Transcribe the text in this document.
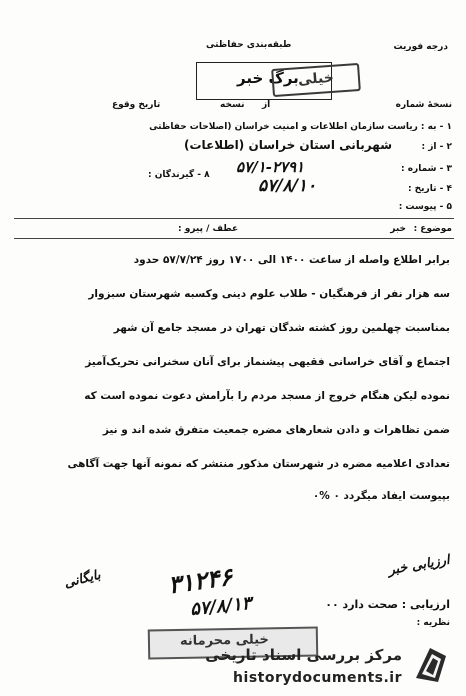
درجه فوریت
طبقه‌بندی حفاظتی
برگ خبر
خیلی
نسخهٔ شماره
از
نسخه
تاریخ وقوع
۱ - به : ریاست سازمان اطلاعات و امنیت خراسان (اصلاحات حفاظتی
۲ - از :
شهربانی استان خراسان (اطلاعات)
۳ - شماره :
۵۷/۱-۲۷۹۱
۸ - گیرندگان :
۴ - تاریخ :
۵۷/۸/۱۰
۵ - پیوست :
موضوع :
خبر
عطف / پیرو :
برابر اطلاع واصله از ساعت ۱۴۰۰ الی ۱۷۰۰ روز ۵۷/۷/۲۴ حدود
سه هزار نفر از فرهنگیان - طلاب علوم دینی وکسبه شهرستان سبزوار
بمناسبت چهلمین روز کشته شدگان تهران در مسجد جامع آن شهر
اجتماع و آقای خراسانی فقیهی پیشنماز برای آنان سخنرانی تحریک‌آمیز
نموده لیکن هنگام خروج از مسجد مردم را بآرامش دعوت نموده است که
ضمن تظاهرات و دادن شعارهای مضره جمعیت متفرق شده اند و نیز
تعدادی اعلامیه مضره در شهرستان مذکور منتشر که نمونه آنها جهت آگاهی
بپیوست ایفاد میگردد ۰ %۰
۳۱۲۴۶
۵۷/۸/۱۳
بایگانی
ارزیابی خبر
ارزیابی : صحت دارد ۰۰
نظریه :
خیلی محرمانه
مرکز بررسی اسناد تاریخی
historydocuments.ir
